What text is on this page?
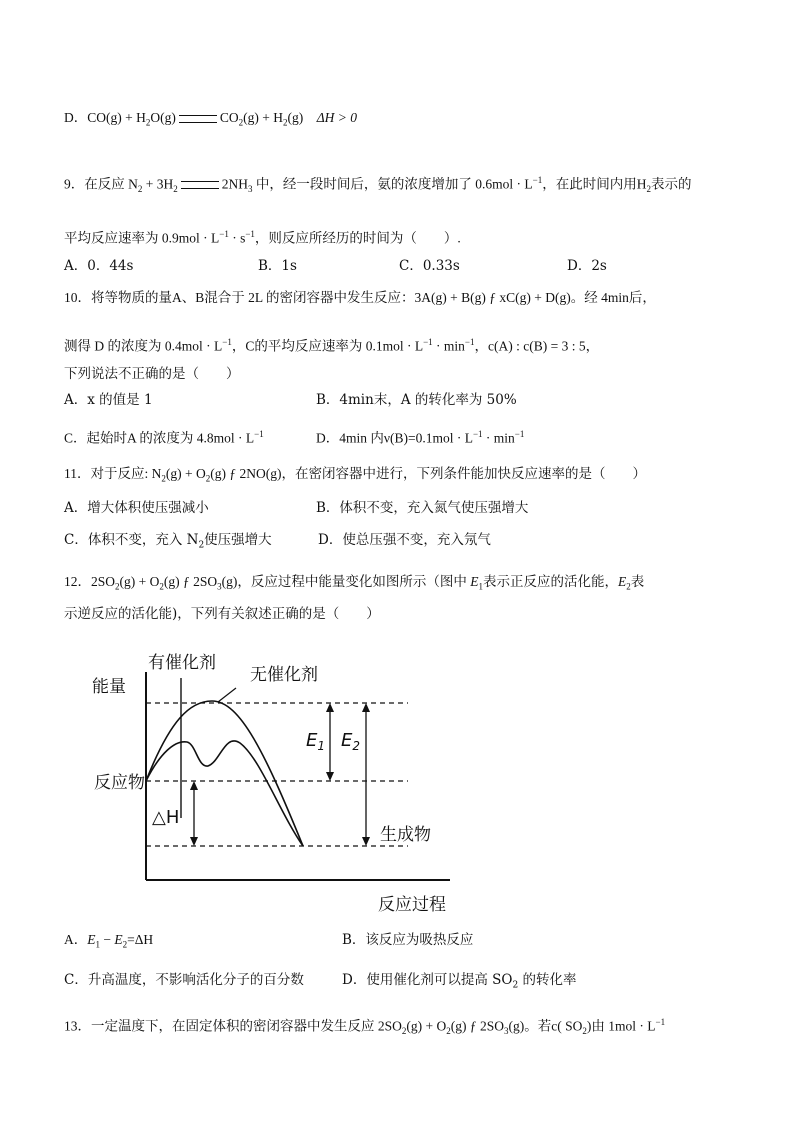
D．$CO(g) + H_2O(g)$	$CO_2(g) + H_2(g) \Delta H > 0$
9．在反应 $N_2 + 3H_2$	$2NH_3$ 中，经一段时间后，氨的浓度增加了 $0.6mol \cdot L^{-1}$，在此时间内用$H_2$表示的
平均反应速率为 $0.9mol \cdot L^{-1} \cdot s^{-1}$，则反应所经历的时间为（　　）.
A．0．44s	B．1s	C．0.33s	D．2s
10．将等物质的量A、B混合于 2L 的密闭容器中发生反应：3A(g) + B(g) ƒ xC(g) + D(g)。经 4min后，
测得 D 的浓度为 $0.4mol \cdot L^{-1}$，C的平均反应速率为 $0.1mol \cdot L^{-1} \cdot \min^{-1}$，c(A) : c(B) = 3 : 5，
下列说法不正确的是（　　）
A．x 的值是 1	B．4min末，A 的转化率为 50%
C．起始时A 的浓度为 $4.8mol \cdot L^{-1}$	D．4min 内$\nu(B)=0.1mol \cdot L^{-1} \cdot \min^{-1}$
11．对于反应: $N_2(g) + O_2(g)$ ƒ 2NO(g)，在密闭容器中进行，下列条件能加快反应速率的是（　　）
A．增大体积使压强减小	B．体积不变，充入氮气使压强增大
C．体积不变，充入 $N_2$使压强增大	D．使总压强不变，充入氖气
12．$2SO_2(g) + O_2(g)$ ƒ $2SO_3(g)$，反应过程中能量变化如图所示（图中 $E_1$表示正反应的活化能，$E_2$表
示逆反应的活化能)，下列有关叙述正确的是（　　）
能量
有催化剂
无催化剂
反应物
△H
$E_1$ $E_2$
生成物
反应过程
A．$E_1 - E_2=\Delta H$	B．该反应为吸热反应
C．升高温度，不影响活化分子的百分数	D．使用催化剂可以提高 $SO_2$ 的转化率
13．一定温度下，在固定体积的密闭容器中发生反应 $2SO_2(g) + O_2(g)$ ƒ $2SO_3(g)$。若c( $SO_2$)由 $1mol \cdot L^{-1}$
